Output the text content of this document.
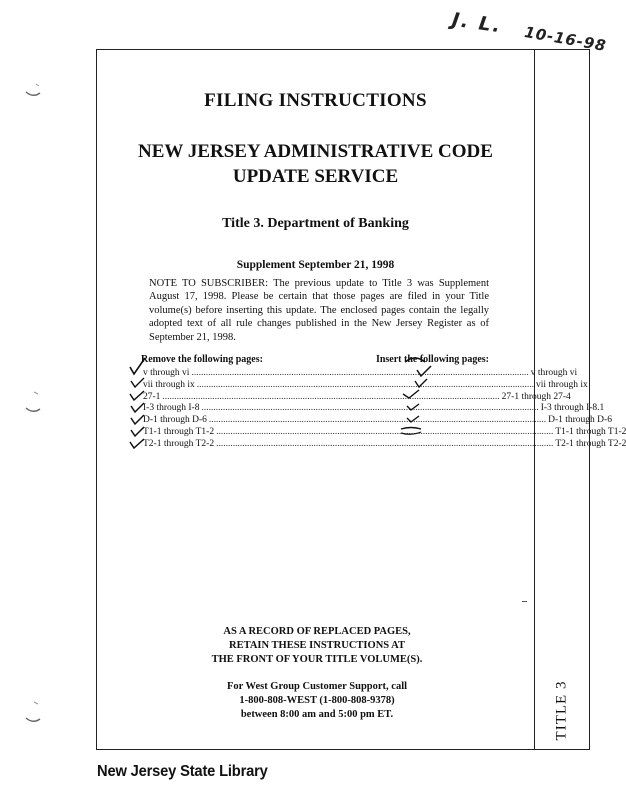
J. L. 10-16-98
FILING INSTRUCTIONS
NEW JERSEY ADMINISTRATIVE CODE
UPDATE SERVICE
Title 3. Department of Banking
Supplement September 21, 1998
NOTE TO SUBSCRIBER: The previous update to Title 3 was Supplement August 17, 1998. Please be certain that those pages are filed in your Title volume(s) before inserting this update. The enclosed pages contain the legally adopted text of all rule changes published in the New Jersey Register as of September 21, 1998.
Remove the following pages:	Insert the following pages:
v through vi .............................................................................................................................................. v through vi
vii through ix .............................................................................................................................................. vii through ix
27-1 .............................................................................................................................................. 27-1 through 27-4
I-3 through I-8 .............................................................................................................................................. I-3 through I-8.1
D-1 through D-6 .............................................................................................................................................. D-1 through D-6
T1-1 through T1-2 .............................................................................................................................................. T1-1 through T1-2
T2-1 through T2-2 .............................................................................................................................................. T2-1 through T2-2
AS A RECORD OF REPLACED PAGES,
RETAIN THESE INSTRUCTIONS AT
THE FRONT OF YOUR TITLE VOLUME(S).
For West Group Customer Support, call
1-800-808-WEST (1-800-808-9378)
between 8:00 am and 5:00 pm ET.	TITLE 3
New Jersey State Library
